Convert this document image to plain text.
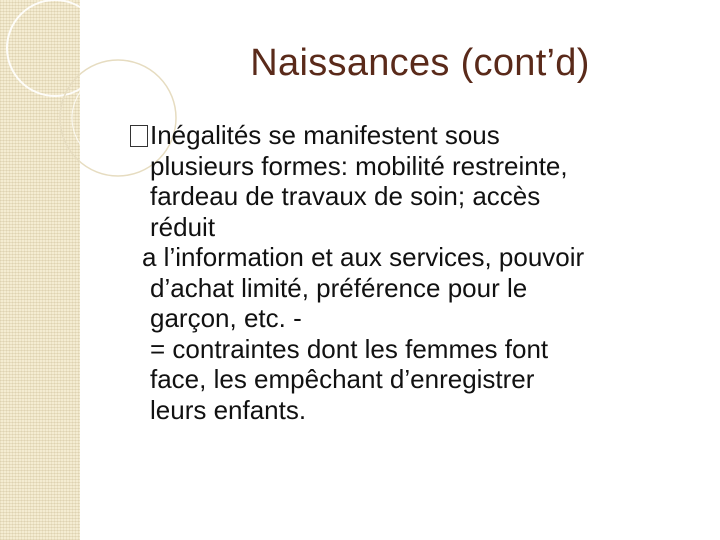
Naissances (cont’d)
Inégalités se manifestent sous
plusieurs formes: mobilité restreinte,
fardeau de travaux de soin; accès
réduit
a l’information et aux services, pouvoir
d’achat limité, préférence pour le
garçon, etc. -
= contraintes dont les femmes font
face, les empêchant d’enregistrer
leurs enfants.
